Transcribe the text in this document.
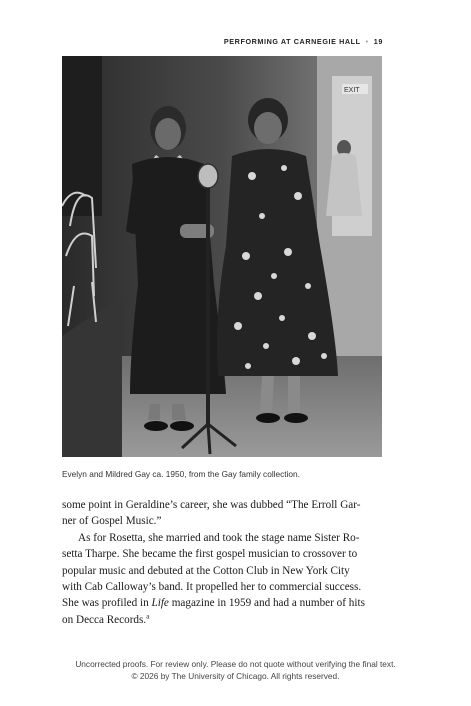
PERFORMING AT CARNEGIE HALL • 19
EXIT
Evelyn and Mildred Gay ca. 1950, from the Gay family collection.

some point in Geraldine’s career, she was dubbed “The Erroll Gar-
ner of Gospel Music.”

As for Rosetta, she married and took the stage name Sister Ro-
setta Tharpe. She became the first gospel musician to crossover to
popular music and debuted at the Cotton Club in New York City
with Cab Calloway’s band. It propelled her to commercial success.
She was profiled in Life magazine in 1959 and had a number of hits
on Decca Records.$^a$

Uncorrected proofs. For review only. Please do not quote without verifying the final text.
© 2026 by The University of Chicago. All rights reserved.
